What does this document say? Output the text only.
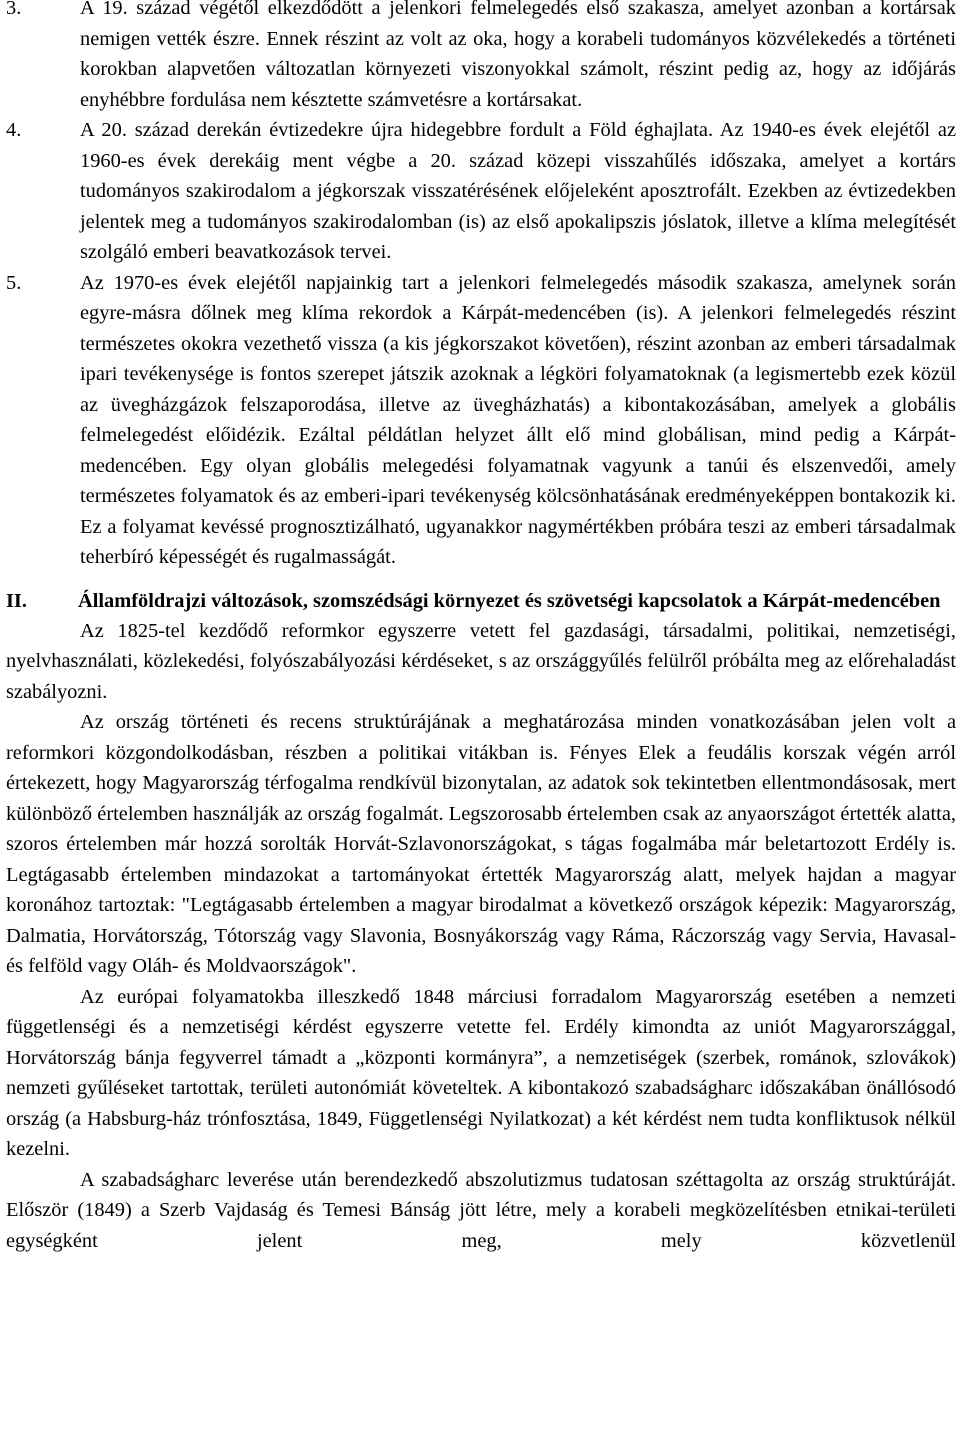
3.	A 19. század végétől elkezdődött a jelenkori felmelegedés első szakasza, amelyet azonban a kortársak nemigen vették észre. Ennek részint az volt az oka, hogy a korabeli tudományos közvélekedés a történeti korokban alapvetően változatlan környezeti viszonyokkal számolt, részint pedig az, hogy az időjárás enyhébbre fordulása nem késztette számvetésre a kortársakat.
4.	A 20. század derekán évtizedekre újra hidegebbre fordult a Föld éghajlata. Az 1940-es évek elejétől az 1960-es évek derekáig ment végbe a 20. század közepi visszahűlés időszaka, amelyet a kortárs tudományos szakirodalom a jégkorszak visszatérésének előjeleként aposztrofált. Ezekben az évtizedekben jelentek meg a tudományos szakirodalomban (is) az első apokalipszis jóslatok, illetve a klíma melegítését szolgáló emberi beavatkozások tervei.
5.	Az 1970-es évek elejétől napjainkig tart a jelenkori felmelegedés második szakasza, amelynek során egyre-másra dőlnek meg klíma rekordok a Kárpát-medencében (is). A jelenkori felmelegedés részint természetes okokra vezethető vissza (a kis jégkorszakot követően), részint azonban az emberi társadalmak ipari tevékenysége is fontos szerepet játszik azoknak a légköri folyamatoknak (a legismertebb ezek közül az üvegházgázok felszaporodása, illetve az üvegházhatás) a kibontakozásában, amelyek a globális felmelegedést előidézik. Ezáltal példátlan helyzet állt elő mind globálisan, mind pedig a Kárpát-medencében. Egy olyan globális melegedési folyamatnak vagyunk a tanúi és elszenvedői, amely természetes folyamatok és az emberi-ipari tevékenység kölcsönhatásának eredményeképpen bontakozik ki. Ez a folyamat kevéssé prognosztizálható, ugyanakkor nagymértékben próbára teszi az emberi társadalmak teherbíró képességét és rugalmasságát.
II.	Államföldrajzi változások, szomszédsági környezet és szövetségi kapcsolatok a Kárpát-medencében

Az 1825-tel kezdődő reformkor egyszerre vetett fel gazdasági, társadalmi, politikai, nemzetiségi, nyelvhasználati, közlekedési, folyószabályozási kérdéseket, s az országgyűlés felülről próbálta meg az előrehaladást szabályozni.

Az ország történeti és recens struktúrájának a meghatározása minden vonatkozásában jelen volt a reformkori közgondolkodásban, részben a politikai vitákban is. Fényes Elek a feudális korszak végén arról értekezett, hogy Magyarország térfogalma rendkívül bizonytalan, az adatok sok tekintetben ellentmondásosak, mert különböző értelemben használják az ország fogalmát. Legszorosabb értelemben csak az anyaországot értették alatta, szoros értelemben már hozzá sorolták Horvát-Szlavonországokat, s tágas fogalmába már beletartozott Erdély is. Legtágasabb értelemben mindazokat a tartományokat értették Magyarország alatt, melyek hajdan a magyar koronához tartoztak: "Legtágasabb értelemben a magyar birodalmat a következő országok képezik: Magyarország, Dalmatia, Horvátország, Tótország vagy Slavonia, Bosnyákország vagy Ráma, Ráczország vagy Servia, Havasal- és felföld vagy Oláh- és Moldvaországok".

Az európai folyamatokba illeszkedő 1848 márciusi forradalom Magyarország esetében a nemzeti függetlenségi és a nemzetiségi kérdést egyszerre vetette fel. Erdély kimondta az uniót Magyarországgal, Horvátország bánja fegyverrel támadt a „központi kormányra”, a nemzetiségek (szerbek, románok, szlovákok) nemzeti gyűléseket tartottak, területi autonómiát követeltek. A kibontakozó szabadságharc időszakában önállósodó ország (a Habsburg-ház trónfosztása, 1849, Függetlenségi Nyilatkozat) a két kérdést nem tudta konfliktusok nélkül kezelni.

A szabadságharc leverése után berendezkedő abszolutizmus tudatosan széttagolta az ország struktúráját. Először (1849) a Szerb Vajdaság és Temesi Bánság jött létre, mely a korabeli megközelítésben etnikai-területi egységként jelent meg, mely közvetlenül
